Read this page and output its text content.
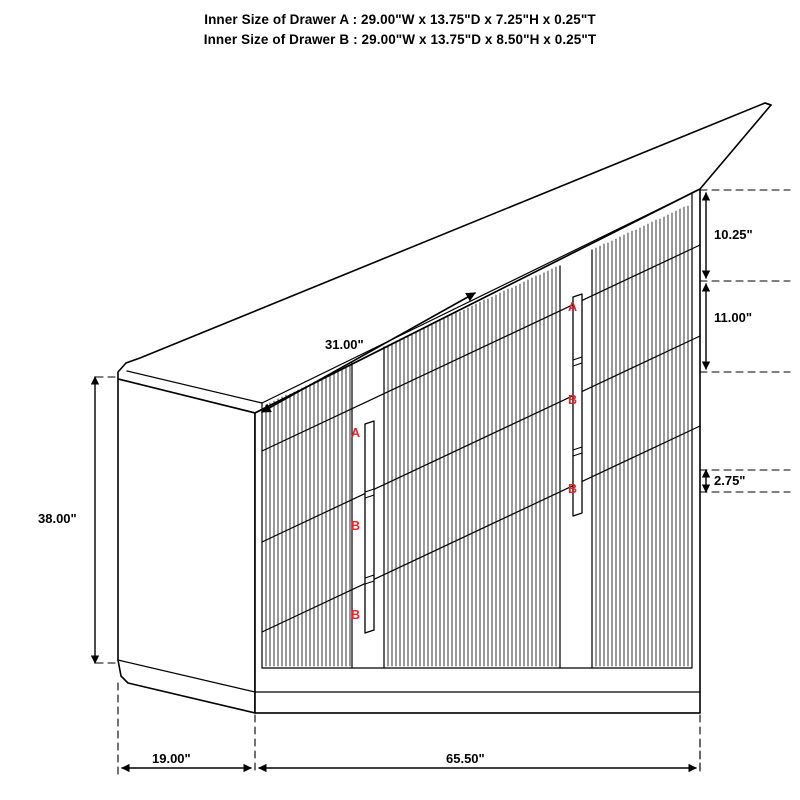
Inner Size of Drawer A : 29.00"W x 13.75"D x 7.25"H x 0.25"T
Inner Size of Drawer B : 29.00"W x 13.75"D x 8.50"H x 0.25"T
31.00"
38.00"
19.00"	65.50"
10.25"
11.00"
2.75"
A
B
B
A
B
B
